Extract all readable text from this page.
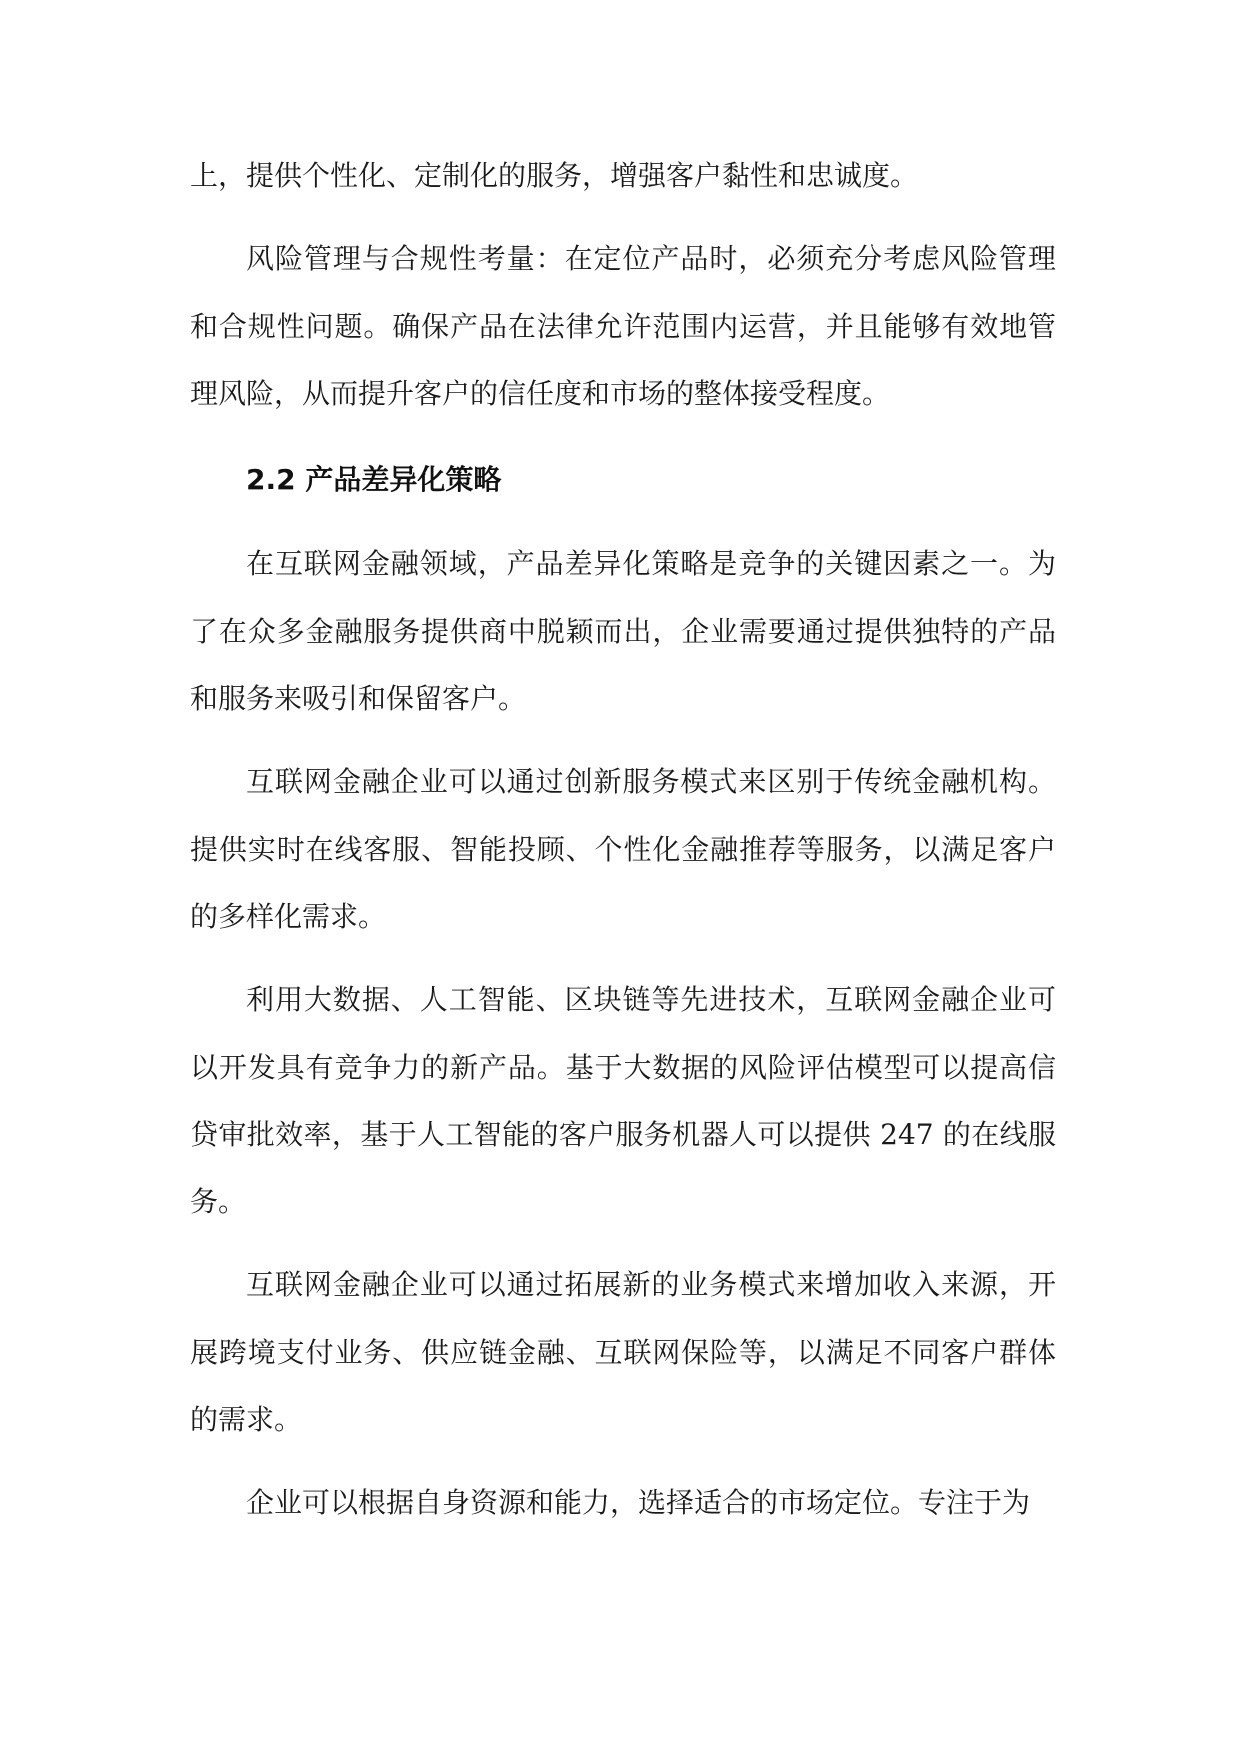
上，提供个性化、定制化的服务，增强客户黏性和忠诚度。

风险管理与合规性考量：在定位产品时，必须充分考虑风险管理和合规性问题。确保产品在法律允许范围内运营，并且能够有效地管理风险，从而提升客户的信任度和市场的整体接受程度。

2.2 产品差异化策略

在互联网金融领域，产品差异化策略是竞争的关键因素之一。为了在众多金融服务提供商中脱颖而出，企业需要通过提供独特的产品和服务来吸引和保留客户。

互联网金融企业可以通过创新服务模式来区别于传统金融机构。提供实时在线客服、智能投顾、个性化金融推荐等服务，以满足客户的多样化需求。

利用大数据、人工智能、区块链等先进技术，互联网金融企业可以开发具有竞争力的新产品。基于大数据的风险评估模型可以提高信贷审批效率，基于人工智能的客户服务机器人可以提供 247 的在线服务。

互联网金融企业可以通过拓展新的业务模式来增加收入来源，开展跨境支付业务、供应链金融、互联网保险等，以满足不同客户群体的需求。

企业可以根据自身资源和能力，选择适合的市场定位。专注于为
